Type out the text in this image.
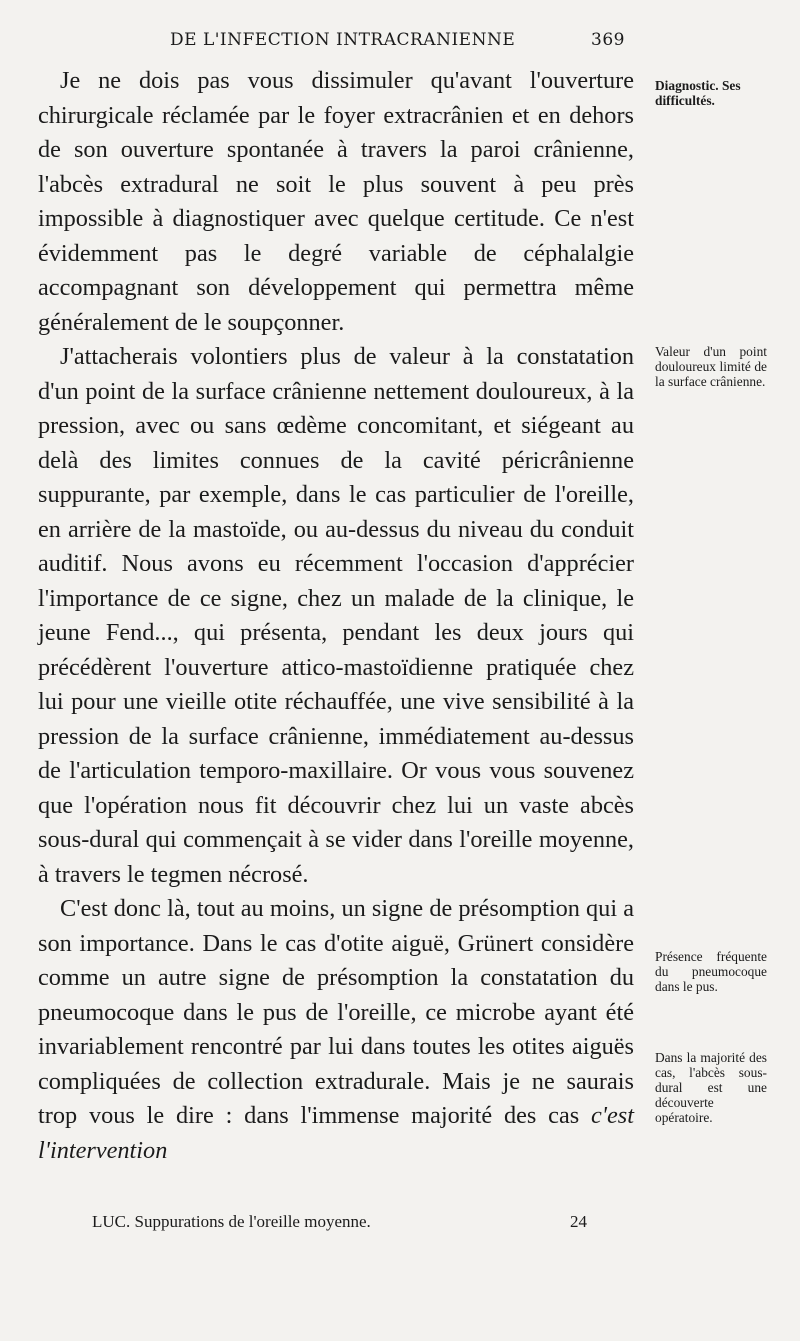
DE L'INFECTION INTRACRANIENNE	369

Je ne dois pas vous dissimuler qu'avant l'ouverture chirurgicale réclamée par le foyer extracrânien et en dehors de son ouverture spontanée à travers la paroi crânienne, l'abcès extradural ne soit le plus souvent à peu près impossible à diagnostiquer avec quelque certitude. Ce n'est évidemment pas le degré variable de céphalalgie accompagnant son développement qui permettra même généralement de le soupçonner.

J'attacherais volontiers plus de valeur à la constatation d'un point de la surface crânienne nettement douloureux, à la pression, avec ou sans œdème concomitant, et siégeant au delà des limites connues de la cavité péricrânienne suppurante, par exemple, dans le cas particulier de l'oreille, en arrière de la mastoïde, ou au-dessus du niveau du conduit auditif. Nous avons eu récemment l'occasion d'apprécier l'importance de ce signe, chez un malade de la clinique, le jeune Fend..., qui présenta, pendant les deux jours qui précédèrent l'ouverture attico-mastoïdienne pratiquée chez lui pour une vieille otite réchauffée, une vive sensibilité à la pression de la surface crânienne, immédiatement au-dessus de l'articulation temporo-maxillaire. Or vous vous souvenez que l'opération nous fit découvrir chez lui un vaste abcès sous-dural qui commençait à se vider dans l'oreille moyenne, à travers le tegmen nécrosé.

C'est donc là, tout au moins, un signe de présomption qui a son importance. Dans le cas d'otite aiguë, Grünert considère comme un autre signe de présomption la constatation du pneumocoque dans le pus de l'oreille, ce microbe ayant été invariablement rencontré par lui dans toutes les otites aiguës compliquées de collection extradurale. Mais je ne saurais trop vous le dire : dans l'immense majorité des cas c'est l'intervention

Diagnostic. Ses difficultés.
Valeur d'un point douloureux limité de la surface crânienne.
Présence fréquente du pneumocoque dans le pus.
Dans la majorité des cas, l'abcès sous-dural est une découverte opératoire.
LUC. Suppurations de l'oreille moyenne.	24
